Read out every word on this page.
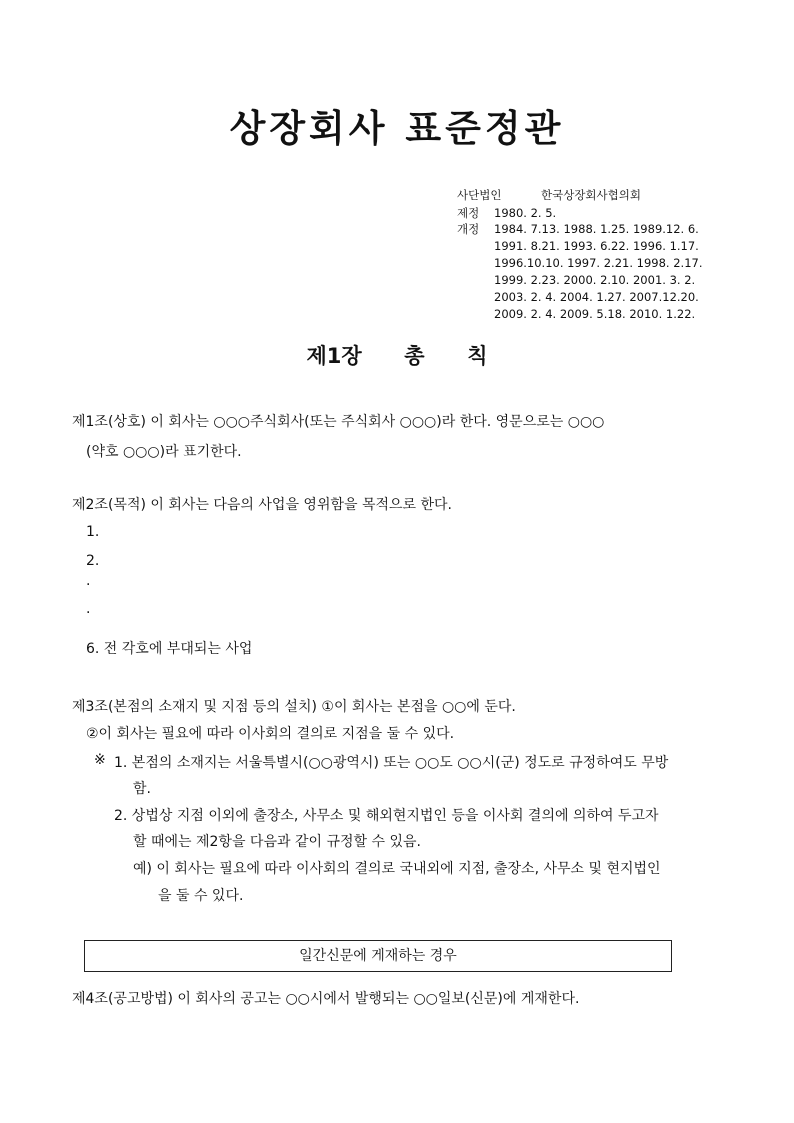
상장회사 표준정관
사단법인	한국상장회사협의회
제정 1980. 2. 5.
개정 1984. 7.13. 1988. 1.25. 1989.12. 6.
1991. 8.21. 1993. 6.22. 1996. 1.17.
1996.10.10. 1997. 2.21. 1998. 2.17.
1999. 2.23. 2000. 2.10. 2001. 3. 2.
2003. 2. 4. 2004. 1.27. 2007.12.20.
2009. 2. 4. 2009. 5.18. 2010. 1.22.
제1장 총 칙
제1조(상호) 이 회사는 ○○○주식회사(또는 주식회사 ○○○)라 한다. 영문으로는 ○○○
(약호 ○○○)라 표기한다.
제2조(목적) 이 회사는 다음의 사업을 영위함을 목적으로 한다.
1.
2.
·
·
6. 전 각호에 부대되는 사업
제3조(본점의 소재지 및 지점 등의 설치) ①이 회사는 본점을 ○○에 둔다.
②이 회사는 필요에 따라 이사회의 결의로 지점을 둘 수 있다.
※ 1. 본점의 소재지는 서울특별시(○○광역시) 또는 ○○도 ○○시(군) 정도로 규정하여도 무방
함.
2. 상법상 지점 이외에 출장소, 사무소 및 해외현지법인 등을 이사회 결의에 의하여 두고자
할 때에는 제2항을 다음과 같이 규정할 수 있음.
예) 이 회사는 필요에 따라 이사회의 결의로 국내외에 지점, 출장소, 사무소 및 현지법인
을 둘 수 있다.
일간신문에 게재하는 경우
제4조(공고방법) 이 회사의 공고는 ○○시에서 발행되는 ○○일보(신문)에 게재한다.
